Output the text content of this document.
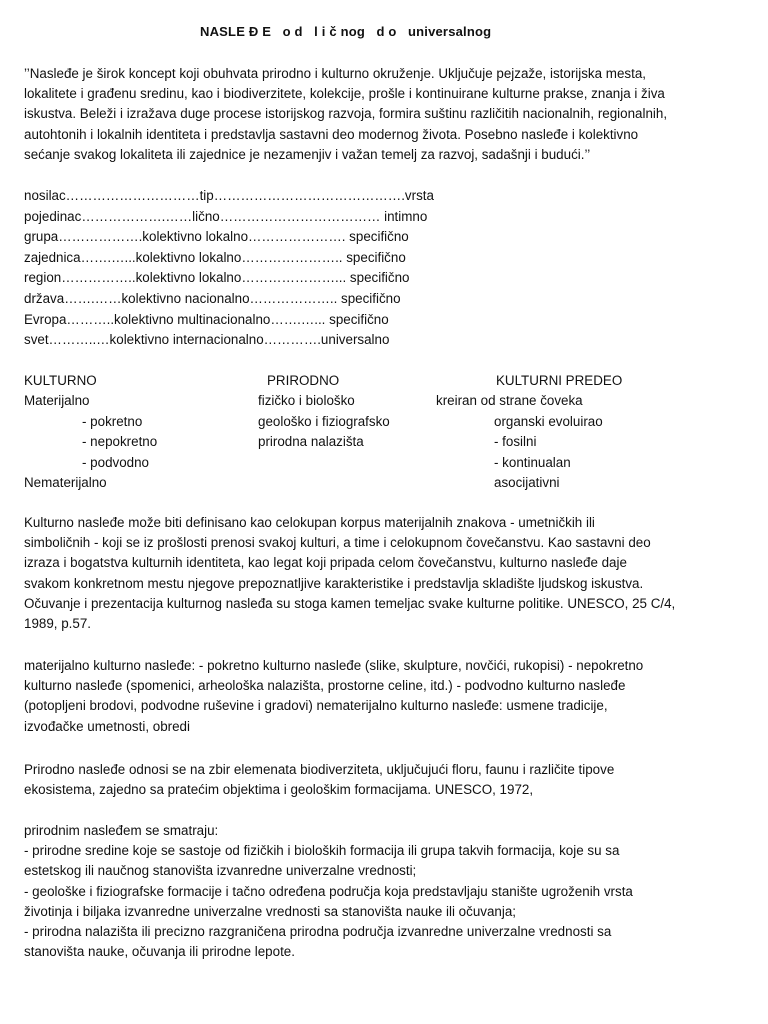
NASLE Đ E   o d   l i č nog   d o   universalnog
’’Nasleđe je širok koncept koji obuhvata prirodno i kulturno okruženje. Uključuje pejzaže, istorijska mesta,
lokalitete i građenu sredinu, kao i biodiverzitete, kolekcije, prošle i kontinuirane kulturne prakse, znanja i živa
iskustva. Beleži i izražava duge procese istorijskog razvoja, formira suštinu različitih nacionalnih, regionalnih,
autohtonih i lokalnih identiteta i predstavlja sastavni deo modernog života. Posebno nasleđe i kolektivno
sećanje svakog lokaliteta ili zajednice je nezamenjiv i važan temelj za razvoj, sadašnji i budući.’’
nosilac…………………………tip…………………………………….vrsta
pojedinac……………….……lično……………………………… intimno
grupa……………….kolektivno lokalno…………………. specifično
zajednica…….…...kolektivno lokalno………………….. specifično
region……………..kolektivno lokalno…………………... specifično
država…….……kolektivno nacionalno……………….. specifično
Evropa………..kolektivno multinacionalno…….…... specifično
svet………..…kolektivno internacionalno………….universalno
KULTURNO
Materijalno
- pokretno
- nepokretno
- podvodno
Nematerijalno
PRIRODNO
fizičko i biološko
geološko i fiziografsko
prirodna nalazišta
KULTURNI PREDEO
kreiran od strane čoveka
organski evoluirao
- fosilni
- kontinualan
asocijativni
Kulturno nasleđe može biti definisano kao celokupan korpus materijalnih znakova - umetničkih ili
simboličnih - koji se iz prošlosti prenosi svakoj kulturi, a time i celokupnom čovečanstvu. Kao sastavni deo
izraza i bogatstva kulturnih identiteta, kao legat koji pripada celom čovečanstvu, kulturno nasleđe daje
svakom konkretnom mestu njegove prepoznatljive karakteristike i predstavlja skladište ljudskog iskustva.
Očuvanje i prezentacija kulturnog nasleđa su stoga kamen temeljac svake kulturne politike. UNESCO, 25 C/4,
1989, p.57.
materijalno kulturno nasleđe: - pokretno kulturno nasleđe (slike, skulpture, novčići, rukopisi) - nepokretno
kulturno nasleđe (spomenici, arheološka nalazišta, prostorne celine, itd.) - podvodno kulturno nasleđe
(potopljeni brodovi, podvodne ruševine i gradovi) nematerijalno kulturno nasleđe: usmene tradicije,
izvođačke umetnosti, obredi
Prirodno nasleđe odnosi se na zbir elemenata biodiverziteta, uključujući floru, faunu i različite tipove
ekosistema, zajedno sa pratećim objektima i geološkim formacijama. UNESCO, 1972,
prirodnim nasleđem se smatraju:
- prirodne sredine koje se sastoje od fizičkih i bioloških formacija ili grupa takvih formacija, koje su sa
estetskog ili naučnog stanovišta izvanredne univerzalne vrednosti;
- geološke i fiziografske formacije i tačno određena područja koja predstavljaju stanište ugroženih vrsta
životinja i biljaka izvanredne univerzalne vrednosti sa stanovišta nauke ili očuvanja;
- prirodna nalazišta ili precizno razgraničena prirodna područja izvanredne univerzalne vrednosti sa
stanovišta nauke, očuvanja ili prirodne lepote.
